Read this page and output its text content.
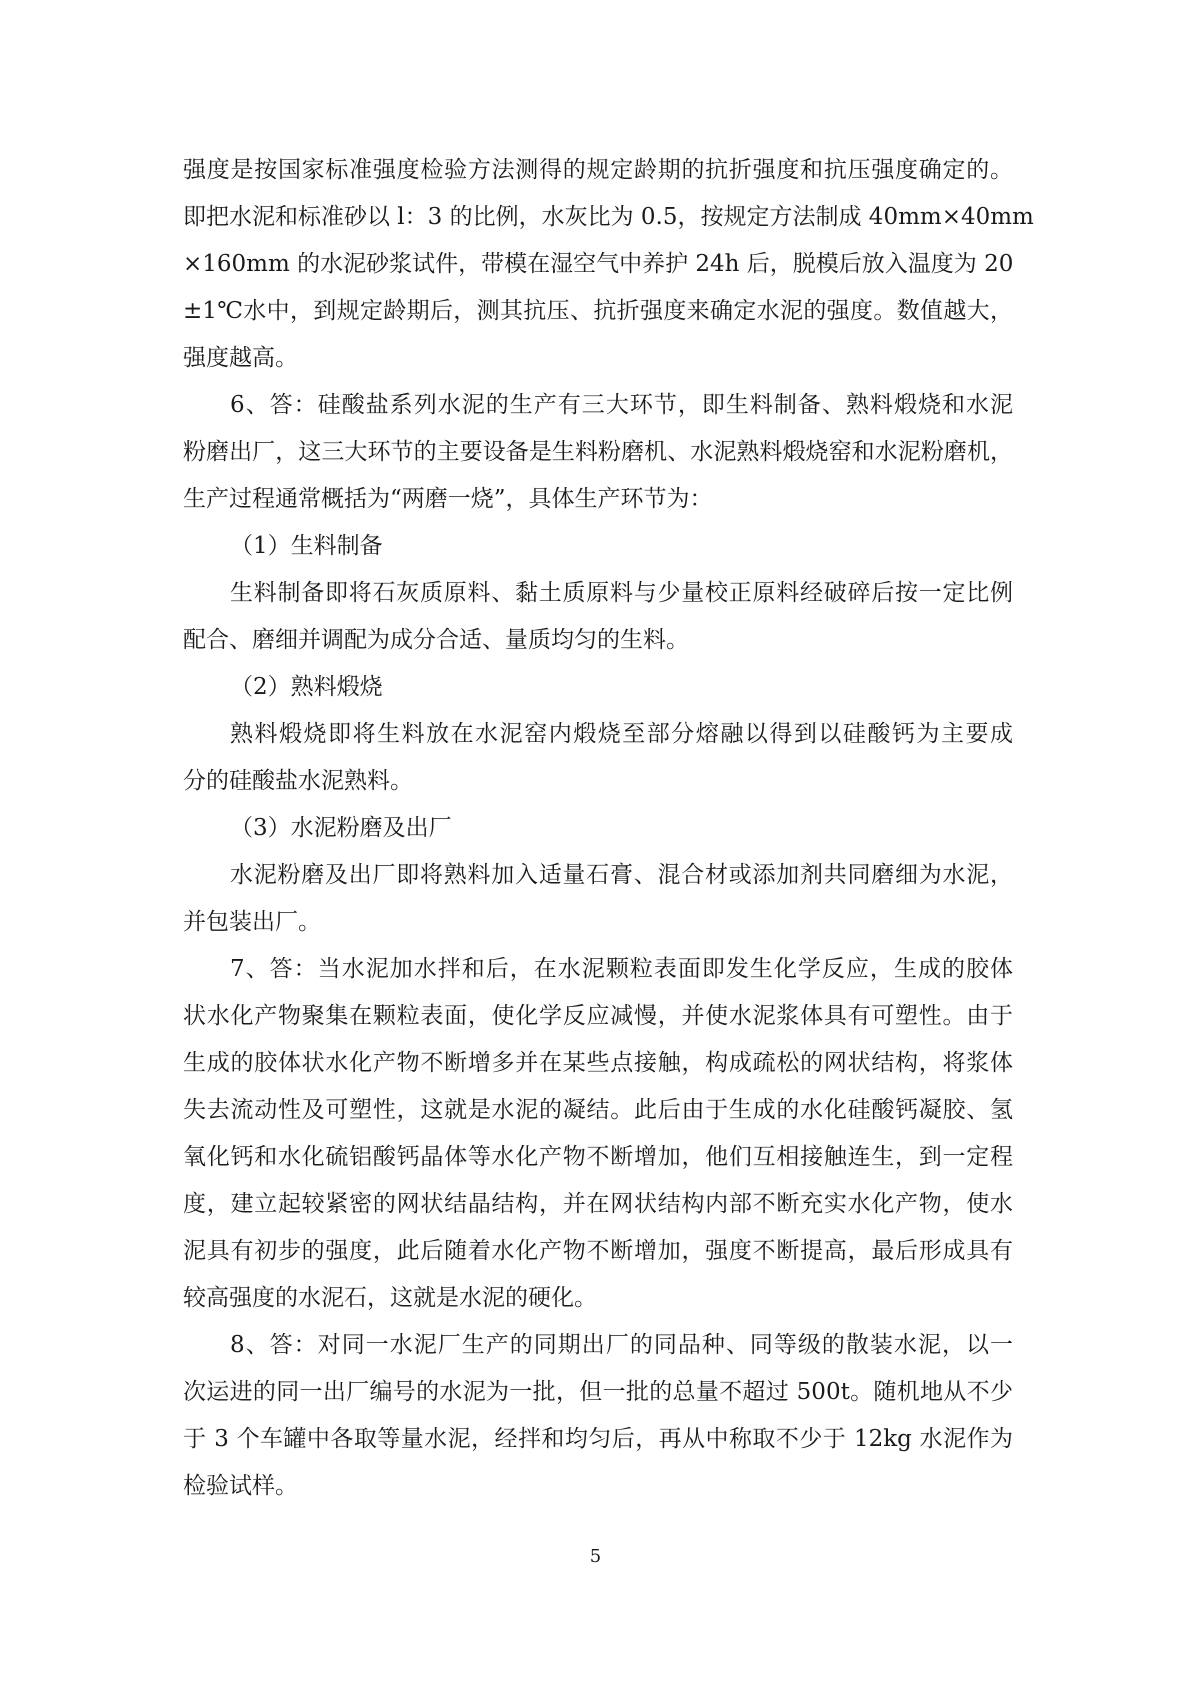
强度是按国家标准强度检验方法测得的规定龄期的抗折强度和抗压强度确定的。
即把水泥和标准砂以 l：3 的比例，水灰比为 0.5，按规定方法制成 40mm×40mm
×160mm 的水泥砂浆试件，带模在湿空气中养护 24h 后，脱模后放入温度为 20
±1℃水中，到规定龄期后，测其抗压、抗折强度来确定水泥的强度。数值越大，
强度越高。
6、答：硅酸盐系列水泥的生产有三大环节，即生料制备、熟料煅烧和水泥
粉磨出厂，这三大环节的主要设备是生料粉磨机、水泥熟料煅烧窑和水泥粉磨机，
生产过程通常概括为“两磨一烧”，具体生产环节为：
（1）生料制备
生料制备即将石灰质原料、黏土质原料与少量校正原料经破碎后按一定比例
配合、磨细并调配为成分合适、量质均匀的生料。
（2）熟料煅烧
熟料煅烧即将生料放在水泥窑内煅烧至部分熔融以得到以硅酸钙为主要成
分的硅酸盐水泥熟料。
（3）水泥粉磨及出厂
水泥粉磨及出厂即将熟料加入适量石膏、混合材或添加剂共同磨细为水泥，
并包装出厂。
7、答：当水泥加水拌和后，在水泥颗粒表面即发生化学反应，生成的胶体
状水化产物聚集在颗粒表面，使化学反应减慢，并使水泥浆体具有可塑性。由于
生成的胶体状水化产物不断增多并在某些点接触，构成疏松的网状结构，将浆体
失去流动性及可塑性，这就是水泥的凝结。此后由于生成的水化硅酸钙凝胶、氢
氧化钙和水化硫铝酸钙晶体等水化产物不断增加，他们互相接触连生，到一定程
度，建立起较紧密的网状结晶结构，并在网状结构内部不断充实水化产物，使水
泥具有初步的强度，此后随着水化产物不断增加，强度不断提高，最后形成具有
较高强度的水泥石，这就是水泥的硬化。
8、答：对同一水泥厂生产的同期出厂的同品种、同等级的散装水泥，以一
次运进的同一出厂编号的水泥为一批，但一批的总量不超过 500t。随机地从不少
于 3 个车罐中各取等量水泥，经拌和均匀后，再从中称取不少于 12kg 水泥作为
检验试样。
5
